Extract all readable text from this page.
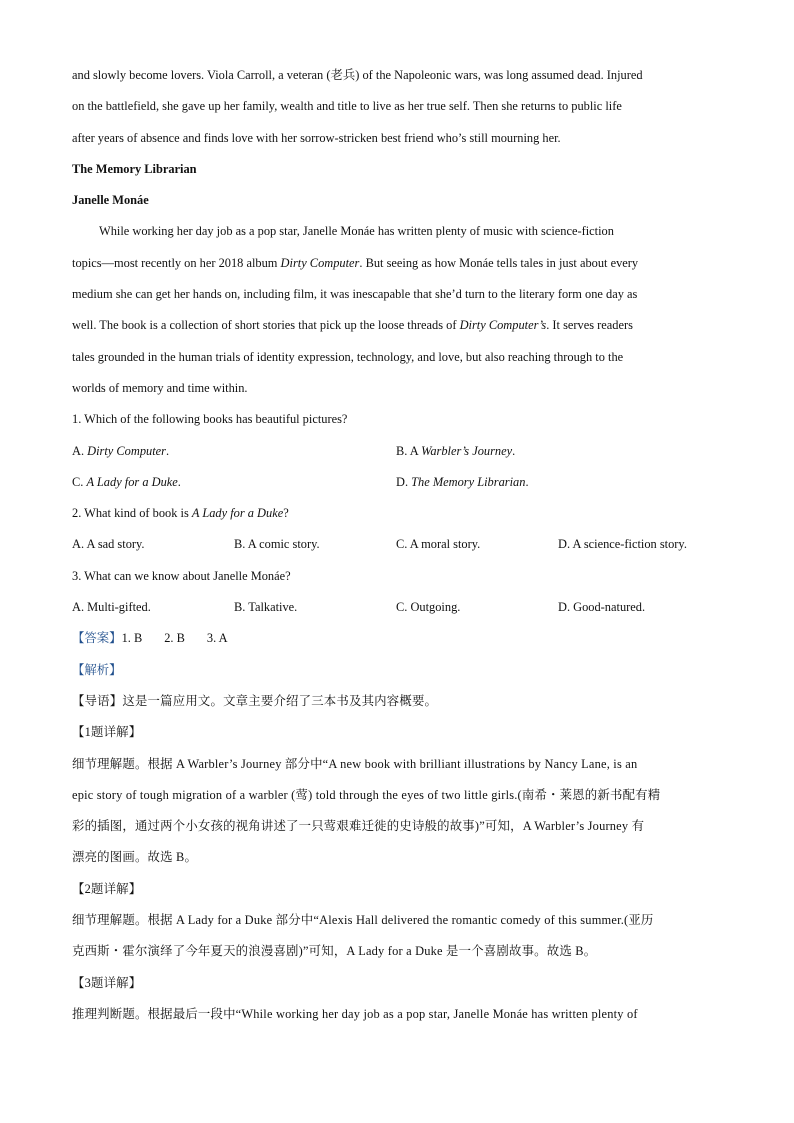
and slowly become lovers. Viola Carroll, a veteran (老兵) of the Napoleonic wars, was long assumed dead. Injured
on the battlefield, she gave up her family, wealth and title to live as her true self. Then she returns to public life
after years of absence and finds love with her sorrow-stricken best friend who’s still mourning her.
The Memory Librarian
Janelle Monáe
While working her day job as a pop star, Janelle Monáe has written plenty of music with science-fiction
topics—most recently on her 2018 album Dirty Computer. But seeing as how Monáe tells tales in just about every
medium she can get her hands on, including film, it was inescapable that she’d turn to the literary form one day as
well. The book is a collection of short stories that pick up the loose threads of Dirty Computer’s. It serves readers
tales grounded in the human trials of identity expression, technology, and love, but also reaching through to the
worlds of memory and time within.
1. Which of the following books has beautiful pictures?
A. Dirty Computer.	B. A Warbler’s Journey.
C. A Lady for a Duke.	D. The Memory Librarian.
2. What kind of book is A Lady for a Duke?
A. A sad story.	B. A comic story.	C. A moral story.	D. A science-fiction story.
3. What can we know about Janelle Monáe?
A. Multi-gifted.	B. Talkative.	C. Outgoing.	D. Good-natured.
【答案】 1. B 2. B 3. A
【解析】
【导语】这是一篇应用文。文章主要介绍了三本书及其内容概要。
【1题详解】
细节理解题。根据 A Warbler’s Journey 部分中“A new book with brilliant illustrations by Nancy Lane, is an
epic story of tough migration of a warbler (莺) told through the eyes of two little girls.(南希・莱恩的新书配有精
彩的插图，通过两个小女孩的视角讲述了一只莺艰难迁徙的史诗般的故事)”可知，A Warbler’s Journey 有
漂亮的图画。故选 B。
【2题详解】
细节理解题。根据 A Lady for a Duke 部分中“Alexis Hall delivered the romantic comedy of this summer.(亚历
克西斯・霍尔演绎了今年夏天的浪漫喜剧)”可知，A Lady for a Duke 是一个喜剧故事。故选 B。
【3题详解】
推理判断题。根据最后一段中“While working her day job as a pop star, Janelle Monáe has written plenty of
